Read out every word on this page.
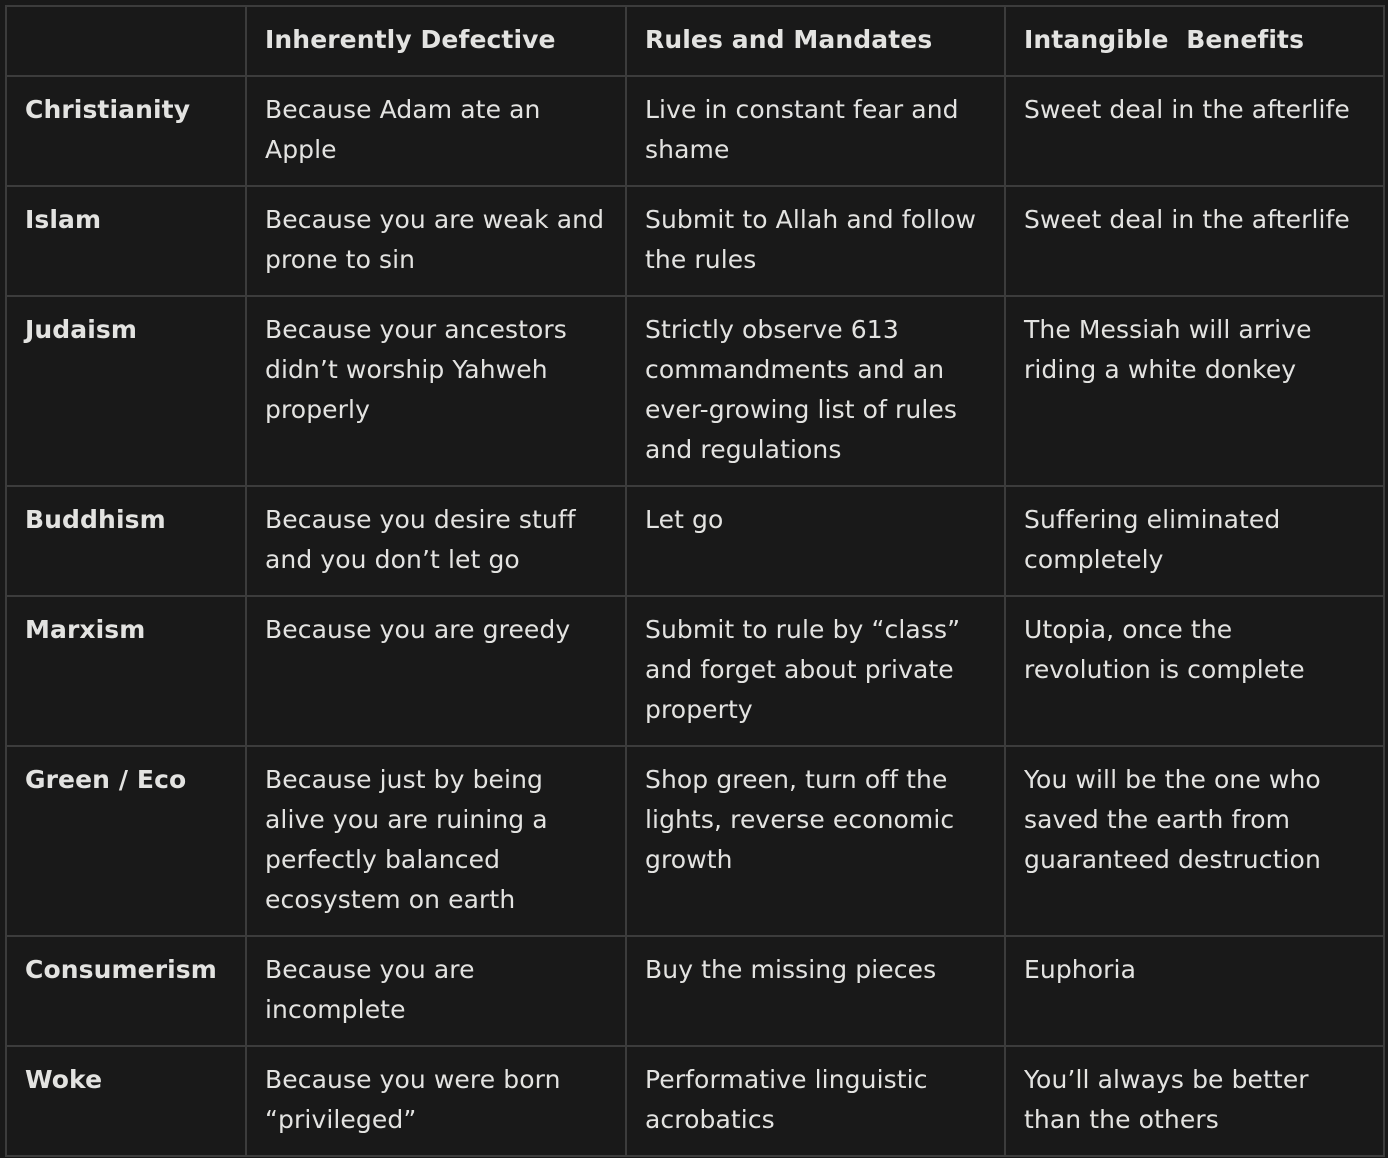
	Inherently Defective	Rules and Mandates	Intangible  Benefits
Christianity	Because Adam ate an Apple	Live in constant fear and shame	Sweet deal in the afterlife
Islam	Because you are weak and prone to sin	Submit to Allah and follow the rules	Sweet deal in the afterlife
Judaism	Because your ancestors didn’t worship Yahweh properly	Strictly observe 613 commandments and an ever-growing list of rules and regulations	The Messiah will arrive riding a white donkey
Buddhism	Because you desire stuff and you don’t let go	Let go	Suffering eliminated completely
Marxism	Because you are greedy	Submit to rule by “class” and forget about private property	Utopia, once the revolution is complete
Green / Eco	Because just by being alive you are ruining a perfectly balanced ecosystem on earth	Shop green, turn off the lights, reverse economic growth	You will be the one who saved the earth from guaranteed destruction
Consumerism	Because you are incomplete	Buy the missing pieces	Euphoria
Woke	Because you were born “privileged”	Performative linguistic acrobatics	You’ll always be better than the others
